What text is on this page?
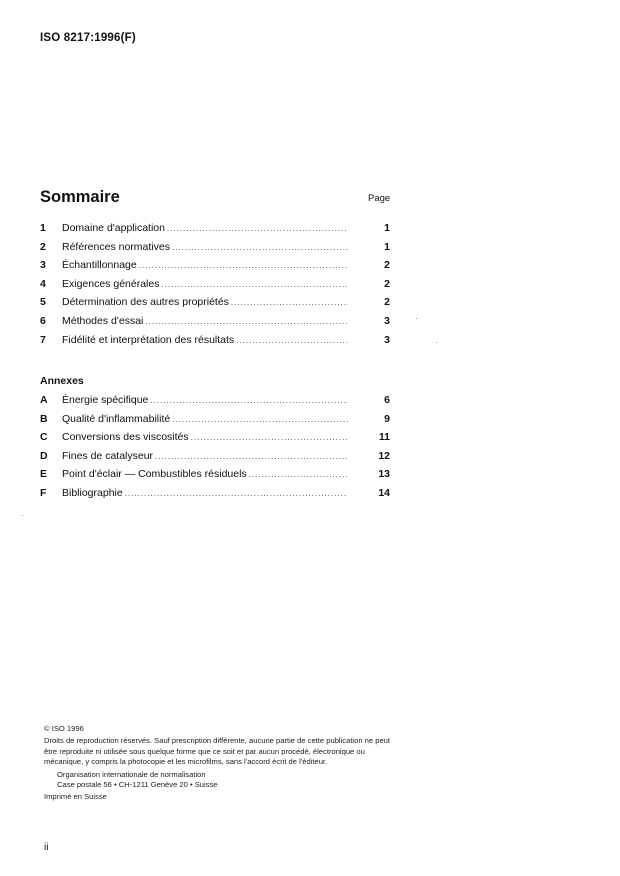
ISO 8217:1996(F)
Sommaire	Page
1	Domaine d'application .....	1
2	Références normatives .....	1
3	Échantillonnage .....	2
4	Exigences générales .....	2
5	Détermination des autres propriétés .....	2
6	Méthodes d'essai .....	3
7	Fidélité et interprétation des résultats .....	3
Annexes
A	Énergie spécifique .....	6
B	Qualité d'inflammabilité .....	9
C	Conversions des viscosités .....	11
D	Fines de catalyseur .....	12
E	Point d'éclair — Combustibles résiduels .....	13
F	Bibliographie .....	14
© ISO 1996
Droits de reproduction réservés. Sauf prescription différente, aucune partie de cette publication ne peut être reproduite ni utilisée sous quelque forme que ce soit et par aucun procédé, électronique ou mécanique, y compris la photocopie et les microfilms, sans l'accord écrit de l'éditeur.
Organisation internationale de normalisation
Case postale 56 • CH-1211 Genève 20 • Suisse
Imprimé en Suisse
ii
